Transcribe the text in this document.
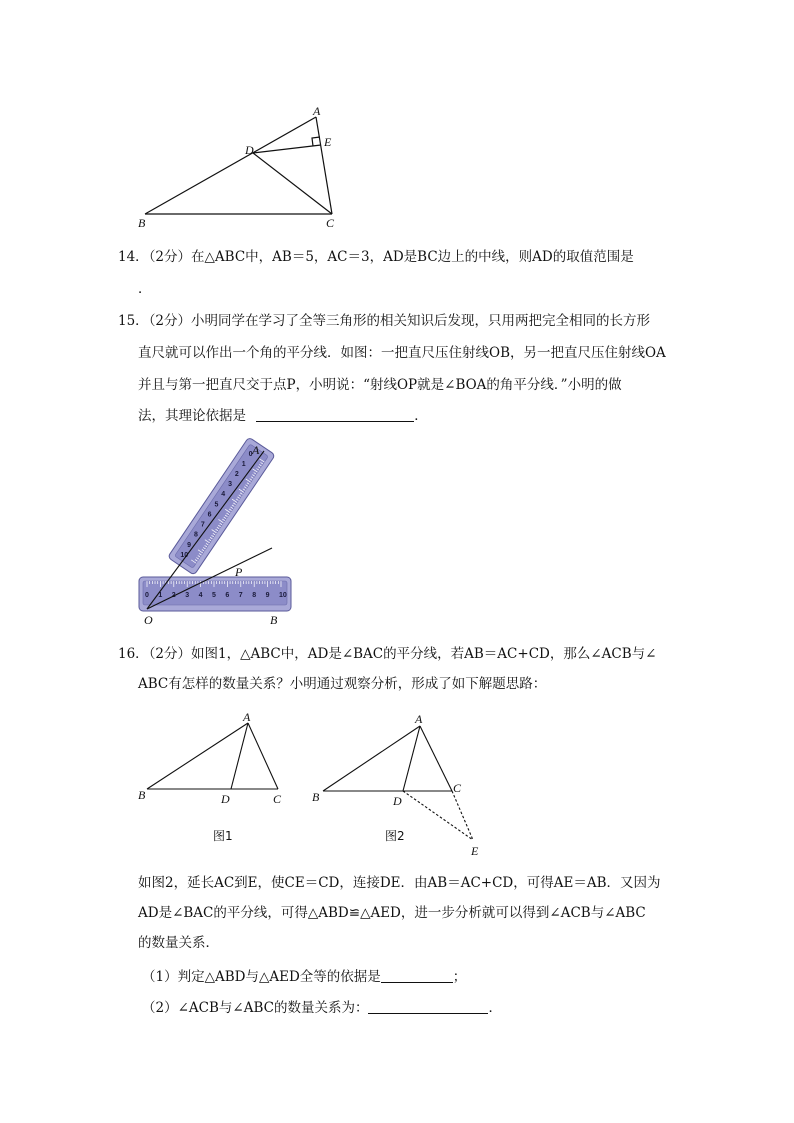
A
E
D
B	C
14．（2分）在△ABC中，AB＝5，AC＝3，AD是BC边上的中线，则AD的取值范围是
．
15．（2分）小明同学在学习了全等三角形的相关知识后发现，只用两把完全相同的长方形
直尺就可以作出一个角的平分线．如图：一把直尺压住射线OB，另一把直尺压住射线OA
并且与第一把直尺交于点P，小明说：“射线OP就是∠BOA的角平分线．”小明的做
法，其理论依据是	．
0
1
2
3
4
5
6
7
8
9
10
0 1 2 3 4 5 6 7 8 9 10
A
P
O	B
16．（2分）如图1，△ABC中，AD是∠BAC的平分线，若AB＝AC+CD，那么∠ACB与∠
ABC有怎样的数量关系？小明通过观察分析，形成了如下解题思路：
A
B	D	C
图1
A
B	D
C
E
图2
如图2，延长AC到E，使CE＝CD，连接DE．由AB＝AC+CD，可得AE＝AB．又因为
AD是∠BAC的平分线，可得△ABD≌△AED，进一步分析就可以得到∠ACB与∠ABC
的数量关系．
（1）判定△ABD与△AED全等的依据是	；
（2）∠ACB与∠ABC的数量关系为：	．
